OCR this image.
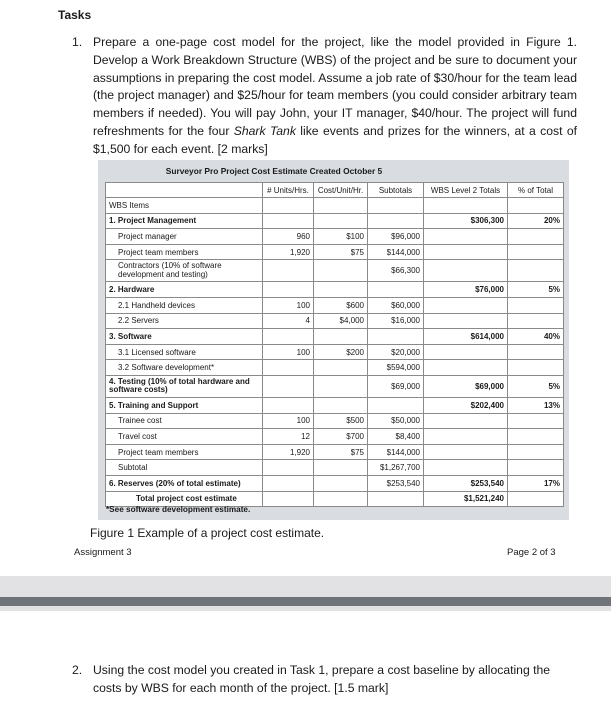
Tasks
1. Prepare a one-page cost model for the project, like the model provided in Figure 1. Develop a Work Breakdown Structure (WBS) of the project and be sure to document your assumptions in preparing the cost model. Assume a job rate of $30/hour for the team lead (the project manager) and $25/hour for team members (you could consider arbitrary team members if needed). You will pay John, your IT manager, $40/hour. The project will fund refreshments for the four Shark Tank like events and prizes for the winners, at a cost of $1,500 for each event. [2 marks]
Surveyor Pro Project Cost Estimate Created October 5
	# Units/Hrs.	Cost/Unit/Hr.	Subtotals	WBS Level 2 Totals	% of Total
WBS Items					
1. Project Management				$306,300	20%
Project manager	960	$100	$96,000		
Project team members	1,920	$75	$144,000		
Contractors (10% of software development and testing)			$66,300		
2. Hardware				$76,000	5%
2.1 Handheld devices	100	$600	$60,000		
2.2 Servers	4	$4,000	$16,000		
3. Software				$614,000	40%
3.1 Licensed software	100	$200	$20,000		
3.2 Software development*			$594,000		
4. Testing (10% of total hardware and software costs)			$69,000	$69,000	5%
5. Training and Support				$202,400	13%
Trainee cost	100	$500	$50,000		
Travel cost	12	$700	$8,400		
Project team members	1,920	$75	$144,000		
Subtotal			$1,267,700		
6. Reserves (20% of total estimate)			$253,540	$253,540	17%
Total project cost estimate				$1,521,240	
*See software development estimate.
Figure 1 Example of a project cost estimate.
Assignment 3	Page 2 of 3
2. Using the cost model you created in Task 1, prepare a cost baseline by allocating the costs by WBS for each month of the project. [1.5 mark]
